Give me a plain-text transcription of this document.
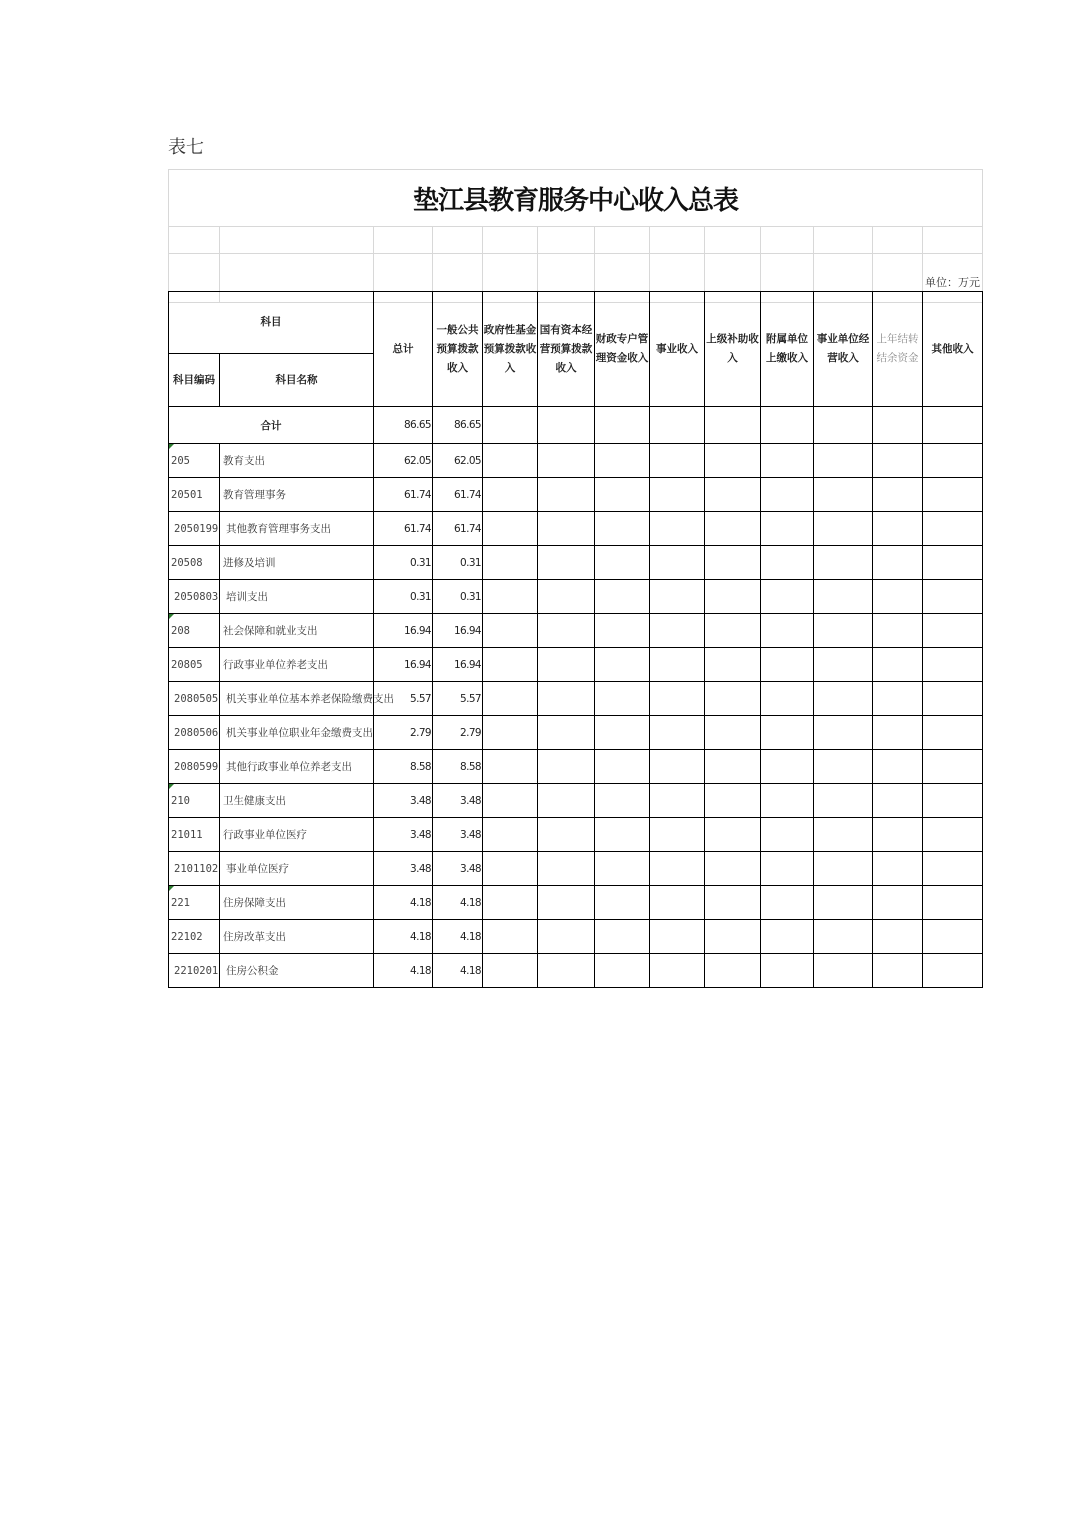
表七
垫江县教育服务中心收入总表												

												单位：万元
科目		总计	一般公共预算拨款收入	政府性基金预算拨款收入	国有资本经营预算拨款收入	财政专户管理资金收入	事业收入	上级补助收入	附属单位上缴收入	事业单位经营收入	上年结转结余资金	其他收入
科目编码	科目名称											
合计		86.65	86.65									
205	教育支出	62.05	62.05									
20501	教育管理事务	61.74	61.74									
2050199	其他教育管理事务支出	61.74	61.74									
20508	进修及培训	0.31	0.31									
2050803	培训支出	0.31	0.31									
208	社会保障和就业支出	16.94	16.94									
20805	行政事业单位养老支出	16.94	16.94									
2080505	机关事业单位基本养老保险缴费支出	5.57	5.57									
2080506	机关事业单位职业年金缴费支出	2.79	2.79									
2080599	其他行政事业单位养老支出	8.58	8.58									
210	卫生健康支出	3.48	3.48									
21011	行政事业单位医疗	3.48	3.48									
2101102	事业单位医疗	3.48	3.48									
221	住房保障支出	4.18	4.18									
22102	住房改革支出	4.18	4.18									
2210201	住房公积金	4.18	4.18									
